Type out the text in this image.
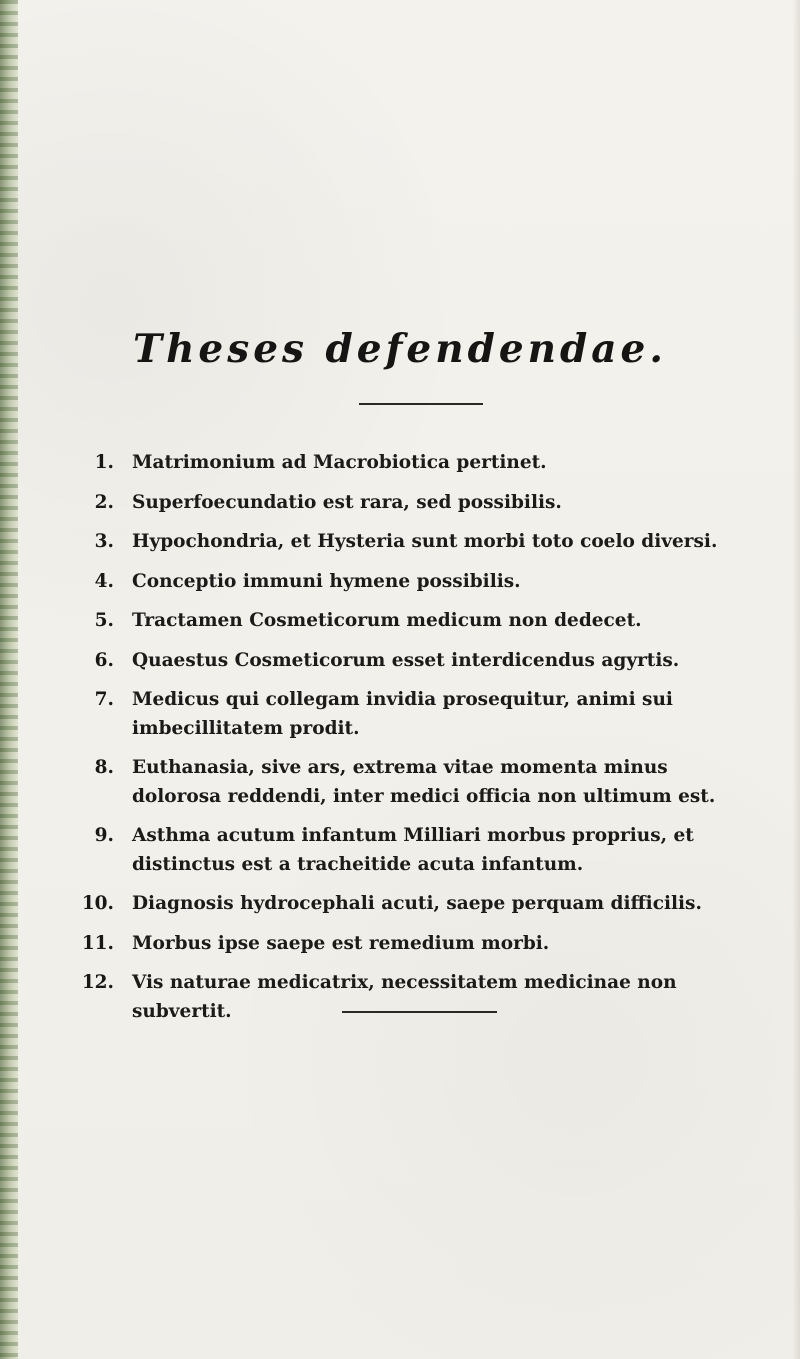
Theses defendendae.
1. Matrimonium ad Macrobiotica pertinet.
2. Superfoecundatio est rara, sed possibilis.
3. Hypochondria, et Hysteria sunt morbi toto coelo diversi.
4. Conceptio immuni hymene possibilis.
5. Tractamen Cosmeticorum medicum non dedecet.
6. Quaestus Cosmeticorum esset interdicendus agyrtis.
7. Medicus qui collegam invidia prosequitur, animi sui imbecillitatem prodit.
8. Euthanasia, sive ars, extrema vitae momenta minus dolorosa reddendi, inter medici officia non ultimum est.
9. Asthma acutum infantum Milliari morbus proprius, et distinctus est a tracheitide acuta infantum.
10. Diagnosis hydrocephali acuti, saepe perquam difficilis.
11. Morbus ipse saepe est remedium morbi.
12. Vis naturae medicatrix, necessitatem medicinae non subvertit.
